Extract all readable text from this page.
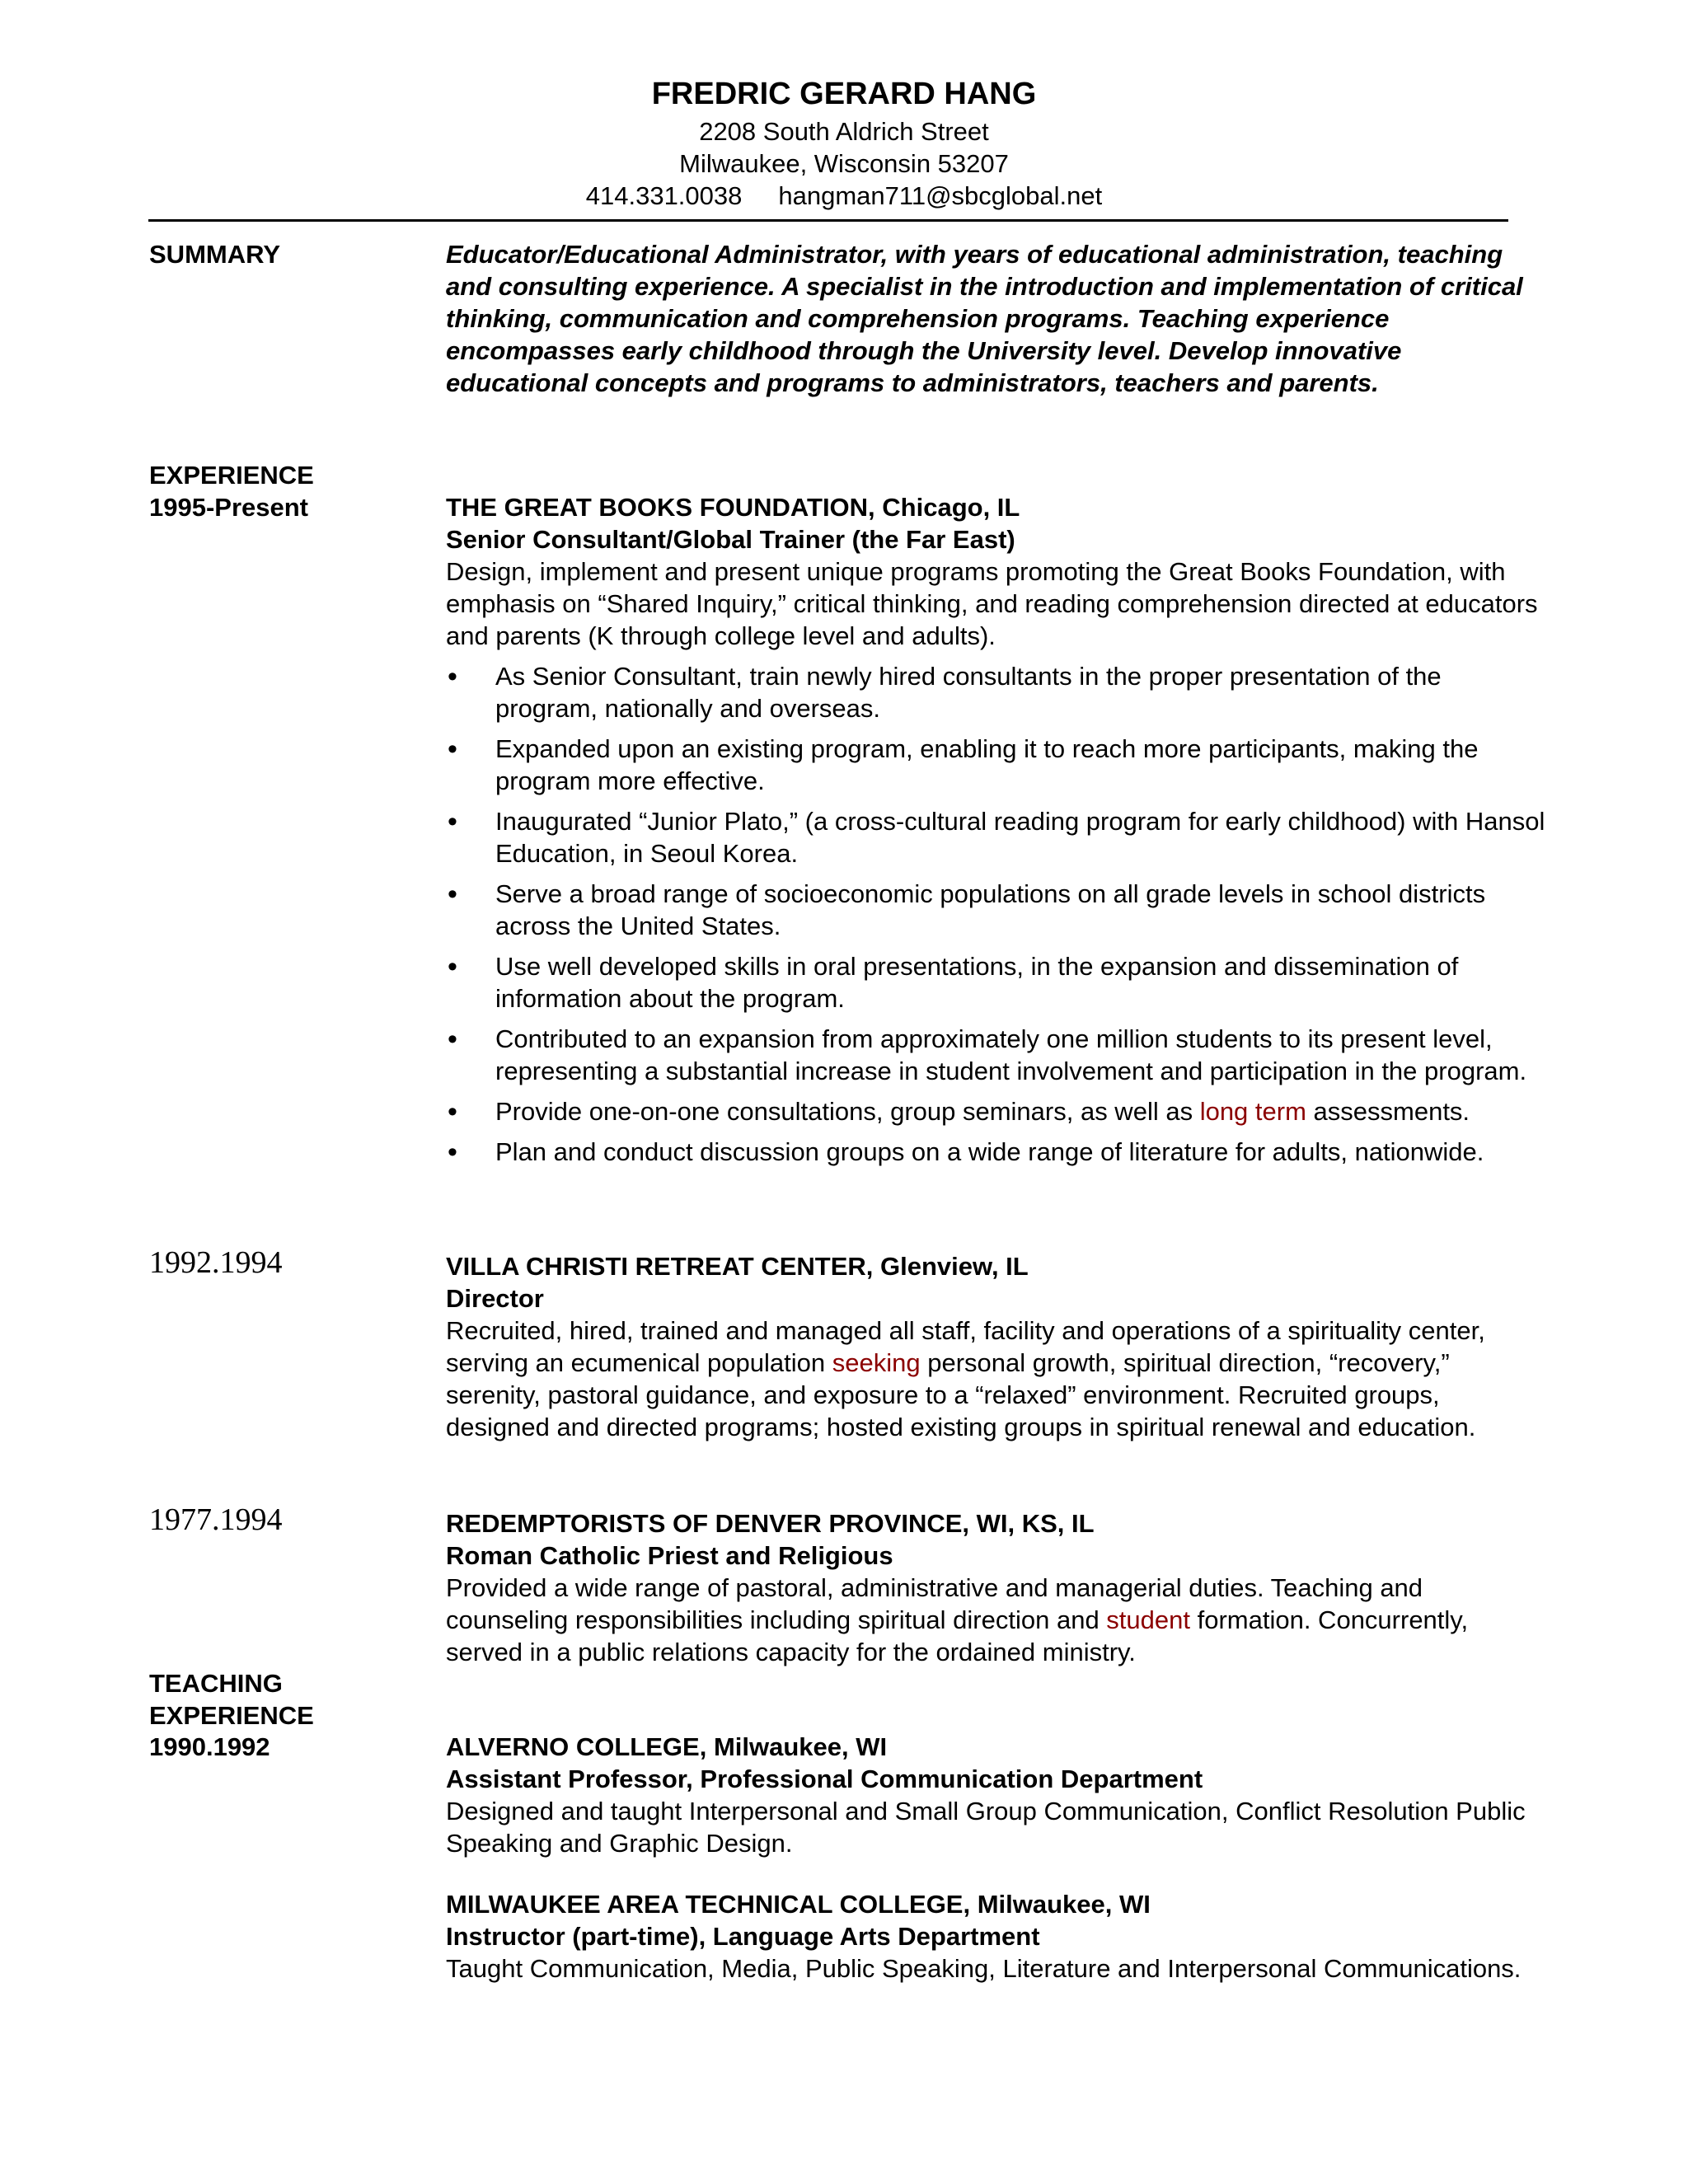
FREDRIC GERARD HANG
2208 South Aldrich Street
Milwaukee, Wisconsin 53207
414.331.0038 hangman711@sbcglobal.net
SUMMARY	Educator/Educational Administrator, with years of educational administration, teaching and consulting experience. A specialist in the introduction and implementation of critical thinking, communication and comprehension programs. Teaching experience encompasses early childhood through the University level. Develop innovative educational concepts and programs to administrators, teachers and parents.
EXPERIENCE
1995-Present	THE GREAT BOOKS FOUNDATION, Chicago, IL
Senior Consultant/Global Trainer (the Far East)
Design, implement and present unique programs promoting the Great Books Foundation, with emphasis on “Shared Inquiry,” critical thinking, and reading comprehension directed at educators and parents (K through college level and adults).
• As Senior Consultant, train newly hired consultants in the proper presentation of the program, nationally and overseas.
• Expanded upon an existing program, enabling it to reach more participants, making the program more effective.
• Inaugurated “Junior Plato,” (a cross-cultural reading program for early childhood) with Hansol Education, in Seoul Korea.
• Serve a broad range of socioeconomic populations on all grade levels in school districts across the United States.
• Use well developed skills in oral presentations, in the expansion and dissemination of information about the program.
• Contributed to an expansion from approximately one million students to its present level, representing a substantial increase in student involvement and participation in the program.
• Provide one-on-one consultations, group seminars, as well as long term assessments.
• Plan and conduct discussion groups on a wide range of literature for adults, nationwide.
1992.1994	VILLA CHRISTI RETREAT CENTER, Glenview, IL
Director
Recruited, hired, trained and managed all staff, facility and operations of a spirituality center, serving an ecumenical population seeking personal growth, spiritual direction, “recovery,” serenity, pastoral guidance, and exposure to a “relaxed” environment. Recruited groups, designed and directed programs; hosted existing groups in spiritual renewal and education.
1977.1994	REDEMPTORISTS OF DENVER PROVINCE, WI, KS, IL
Roman Catholic Priest and Religious
Provided a wide range of pastoral, administrative and managerial duties. Teaching and counseling responsibilities including spiritual direction and student formation. Concurrently, served in a public relations capacity for the ordained ministry.
TEACHING
EXPERIENCE
1990.1992	ALVERNO COLLEGE, Milwaukee, WI
Assistant Professor, Professional Communication Department
Designed and taught Interpersonal and Small Group Communication, Conflict Resolution Public Speaking and Graphic Design.
MILWAUKEE AREA TECHNICAL COLLEGE, Milwaukee, WI
Instructor (part-time), Language Arts Department
Taught Communication, Media, Public Speaking, Literature and Interpersonal Communications.
